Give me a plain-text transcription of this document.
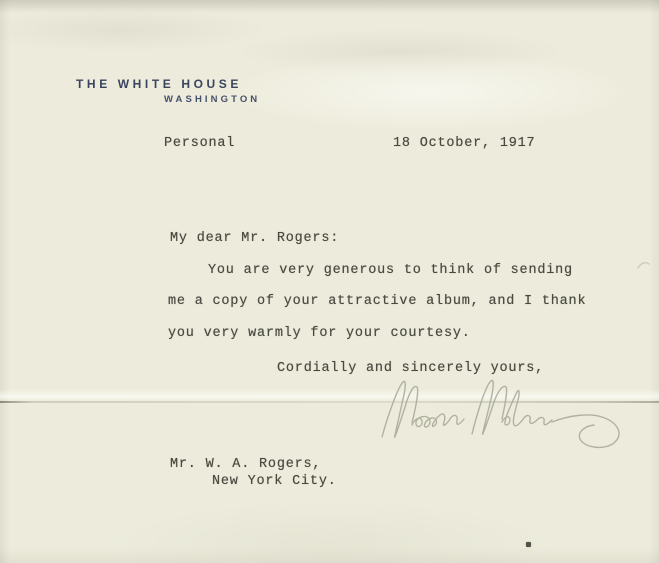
THE WHITE HOUSE
WASHINGTON
Personal	18 October, 1917
My dear Mr. Rogers:
You are very generous to think of sending
me a copy of your attractive album, and I thank
you very warmly for your courtesy.
Cordially and sincerely yours,
Mr. W. A. Rogers,
New York City.
